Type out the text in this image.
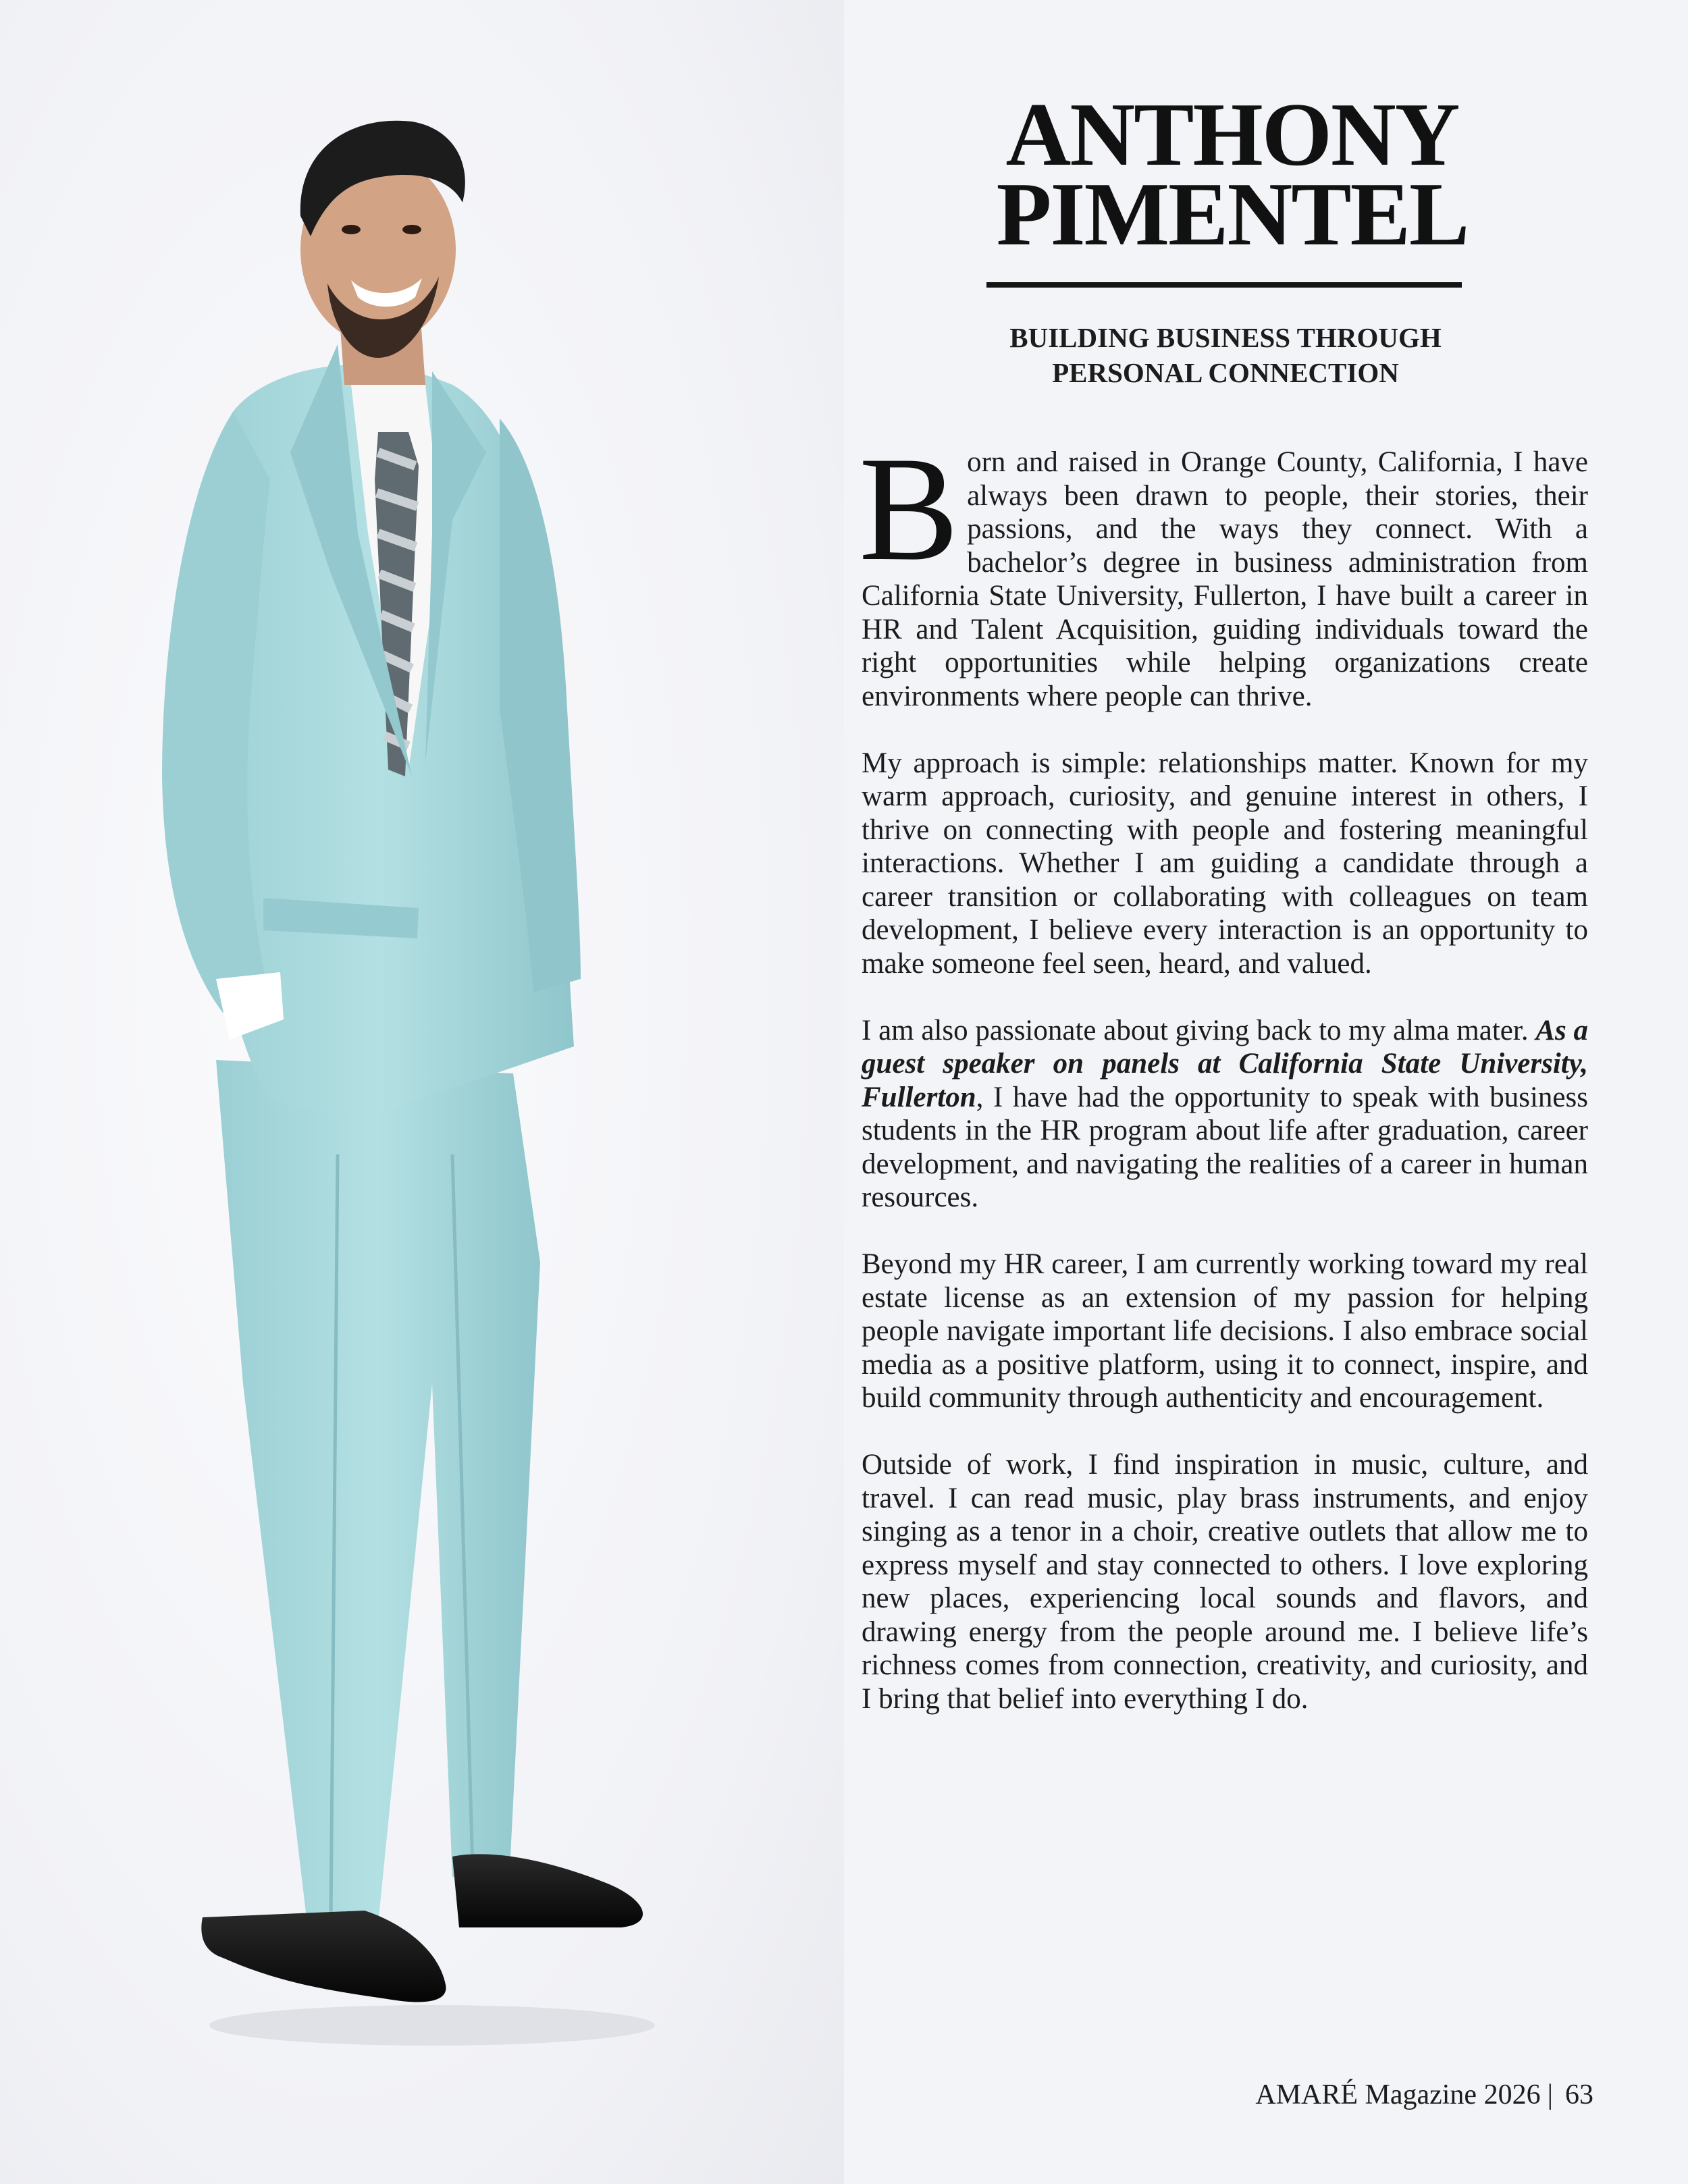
ANTHONY
PIMENTEL
BUILDING BUSINESS THROUGH
PERSONAL CONNECTION

Born and raised in Orange County, California, I have always been drawn to people, their stories, their passions, and the ways they connect. With a bachelor’s degree in business administration from California State University, Fullerton, I have built a career in HR and Talent Acquisition, guiding individuals toward the right opportunities while helping organizations create environments where people can thrive.

My approach is simple: relationships matter. Known for my warm approach, curiosity, and genuine interest in others, I thrive on connecting with people and fostering meaningful interactions. Whether I am guiding a candidate through a career transition or collaborating with colleagues on team development, I believe every interaction is an opportunity to make someone feel seen, heard, and valued.

I am also passionate about giving back to my alma mater. As a guest speaker on panels at California State University, Fullerton, I have had the opportunity to speak with business students in the HR program about life after graduation, career development, and navigating the realities of a career in human resources.

Beyond my HR career, I am currently working toward my real estate license as an extension of my passion for helping people navigate important life decisions. I also embrace social media as a positive platform, using it to connect, inspire, and build community through authenticity and encouragement.

Outside of work, I find inspiration in music, culture, and travel. I can read music, play brass instruments, and enjoy singing as a tenor in a choir, creative outlets that allow me to express myself and stay connected to others. I love exploring new places, experiencing local sounds and flavors, and drawing energy from the people around me. I believe life’s richness comes from connection, creativity, and curiosity, and I bring that belief into everything I do.

AMARÉ Magazine 2026 | 63
